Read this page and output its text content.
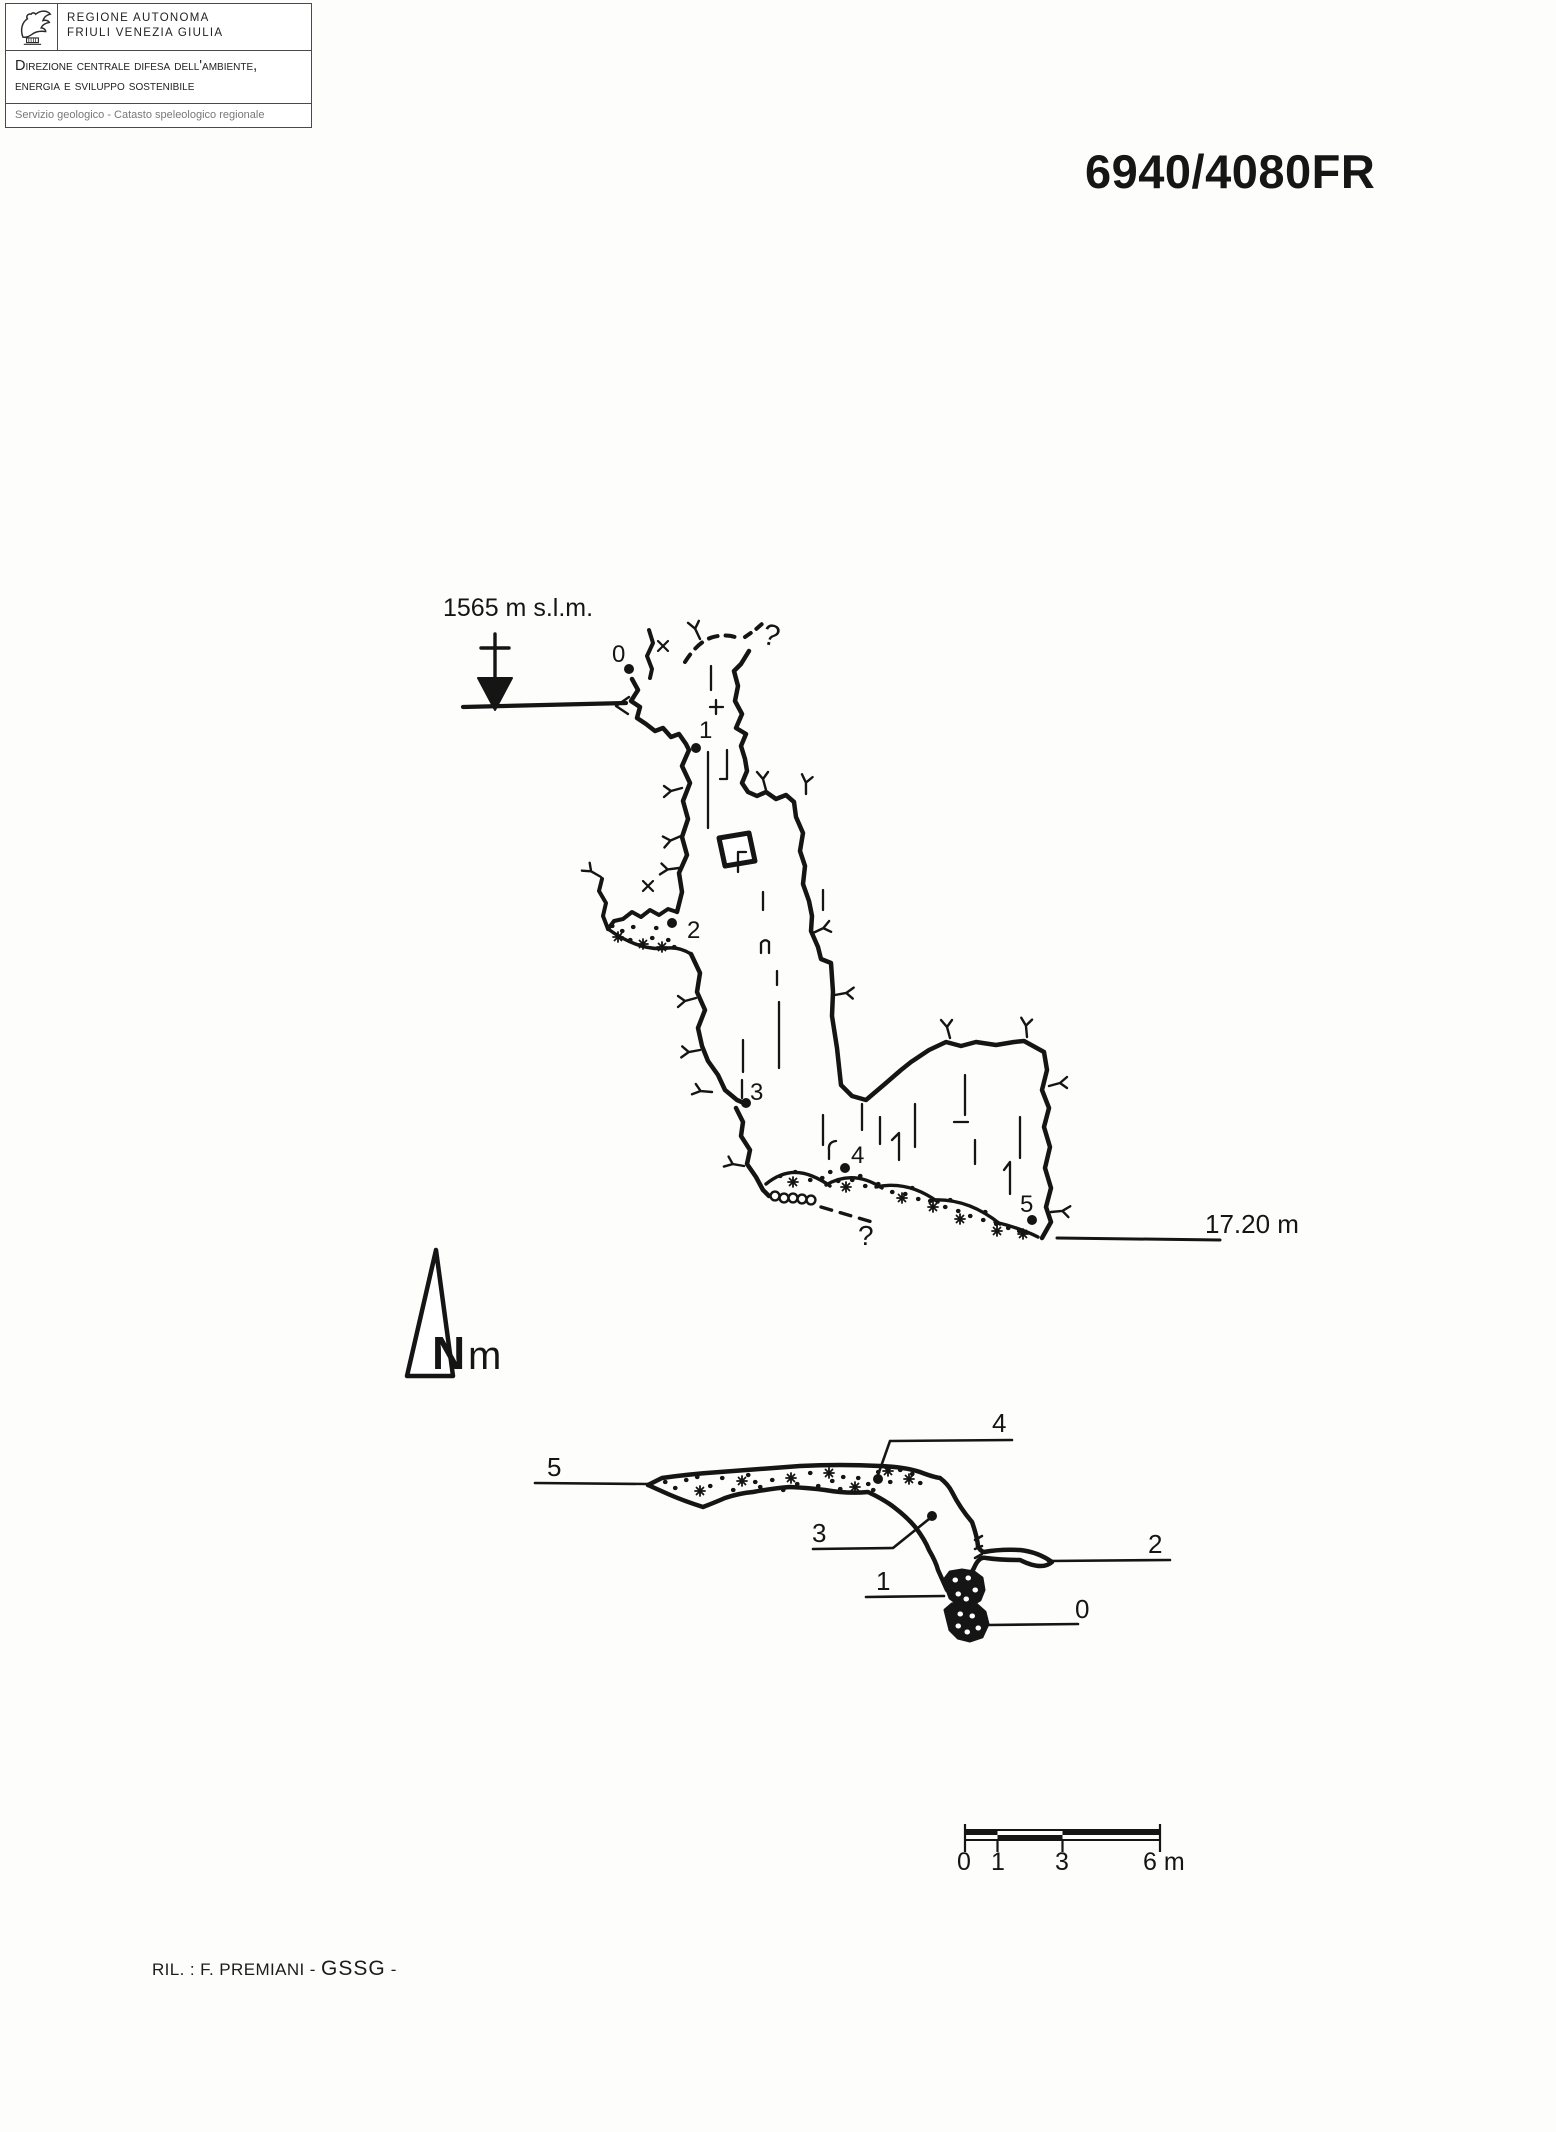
REGIONE AUTONOMA
FRIULI VENEZIA GIULIA
Direzione centrale difesa dell'ambiente,
energia e sviluppo sostenibile
Servizio geologico - Catasto speleologico regionale
6940/4080FR
1565 m s.l.m.
0
1
2
3
4
5
?
?	17.20 m
N m
5
4
3	2
1
0
0 1 3	6 m
RIL. : F. PREMIANI - GSSG -
